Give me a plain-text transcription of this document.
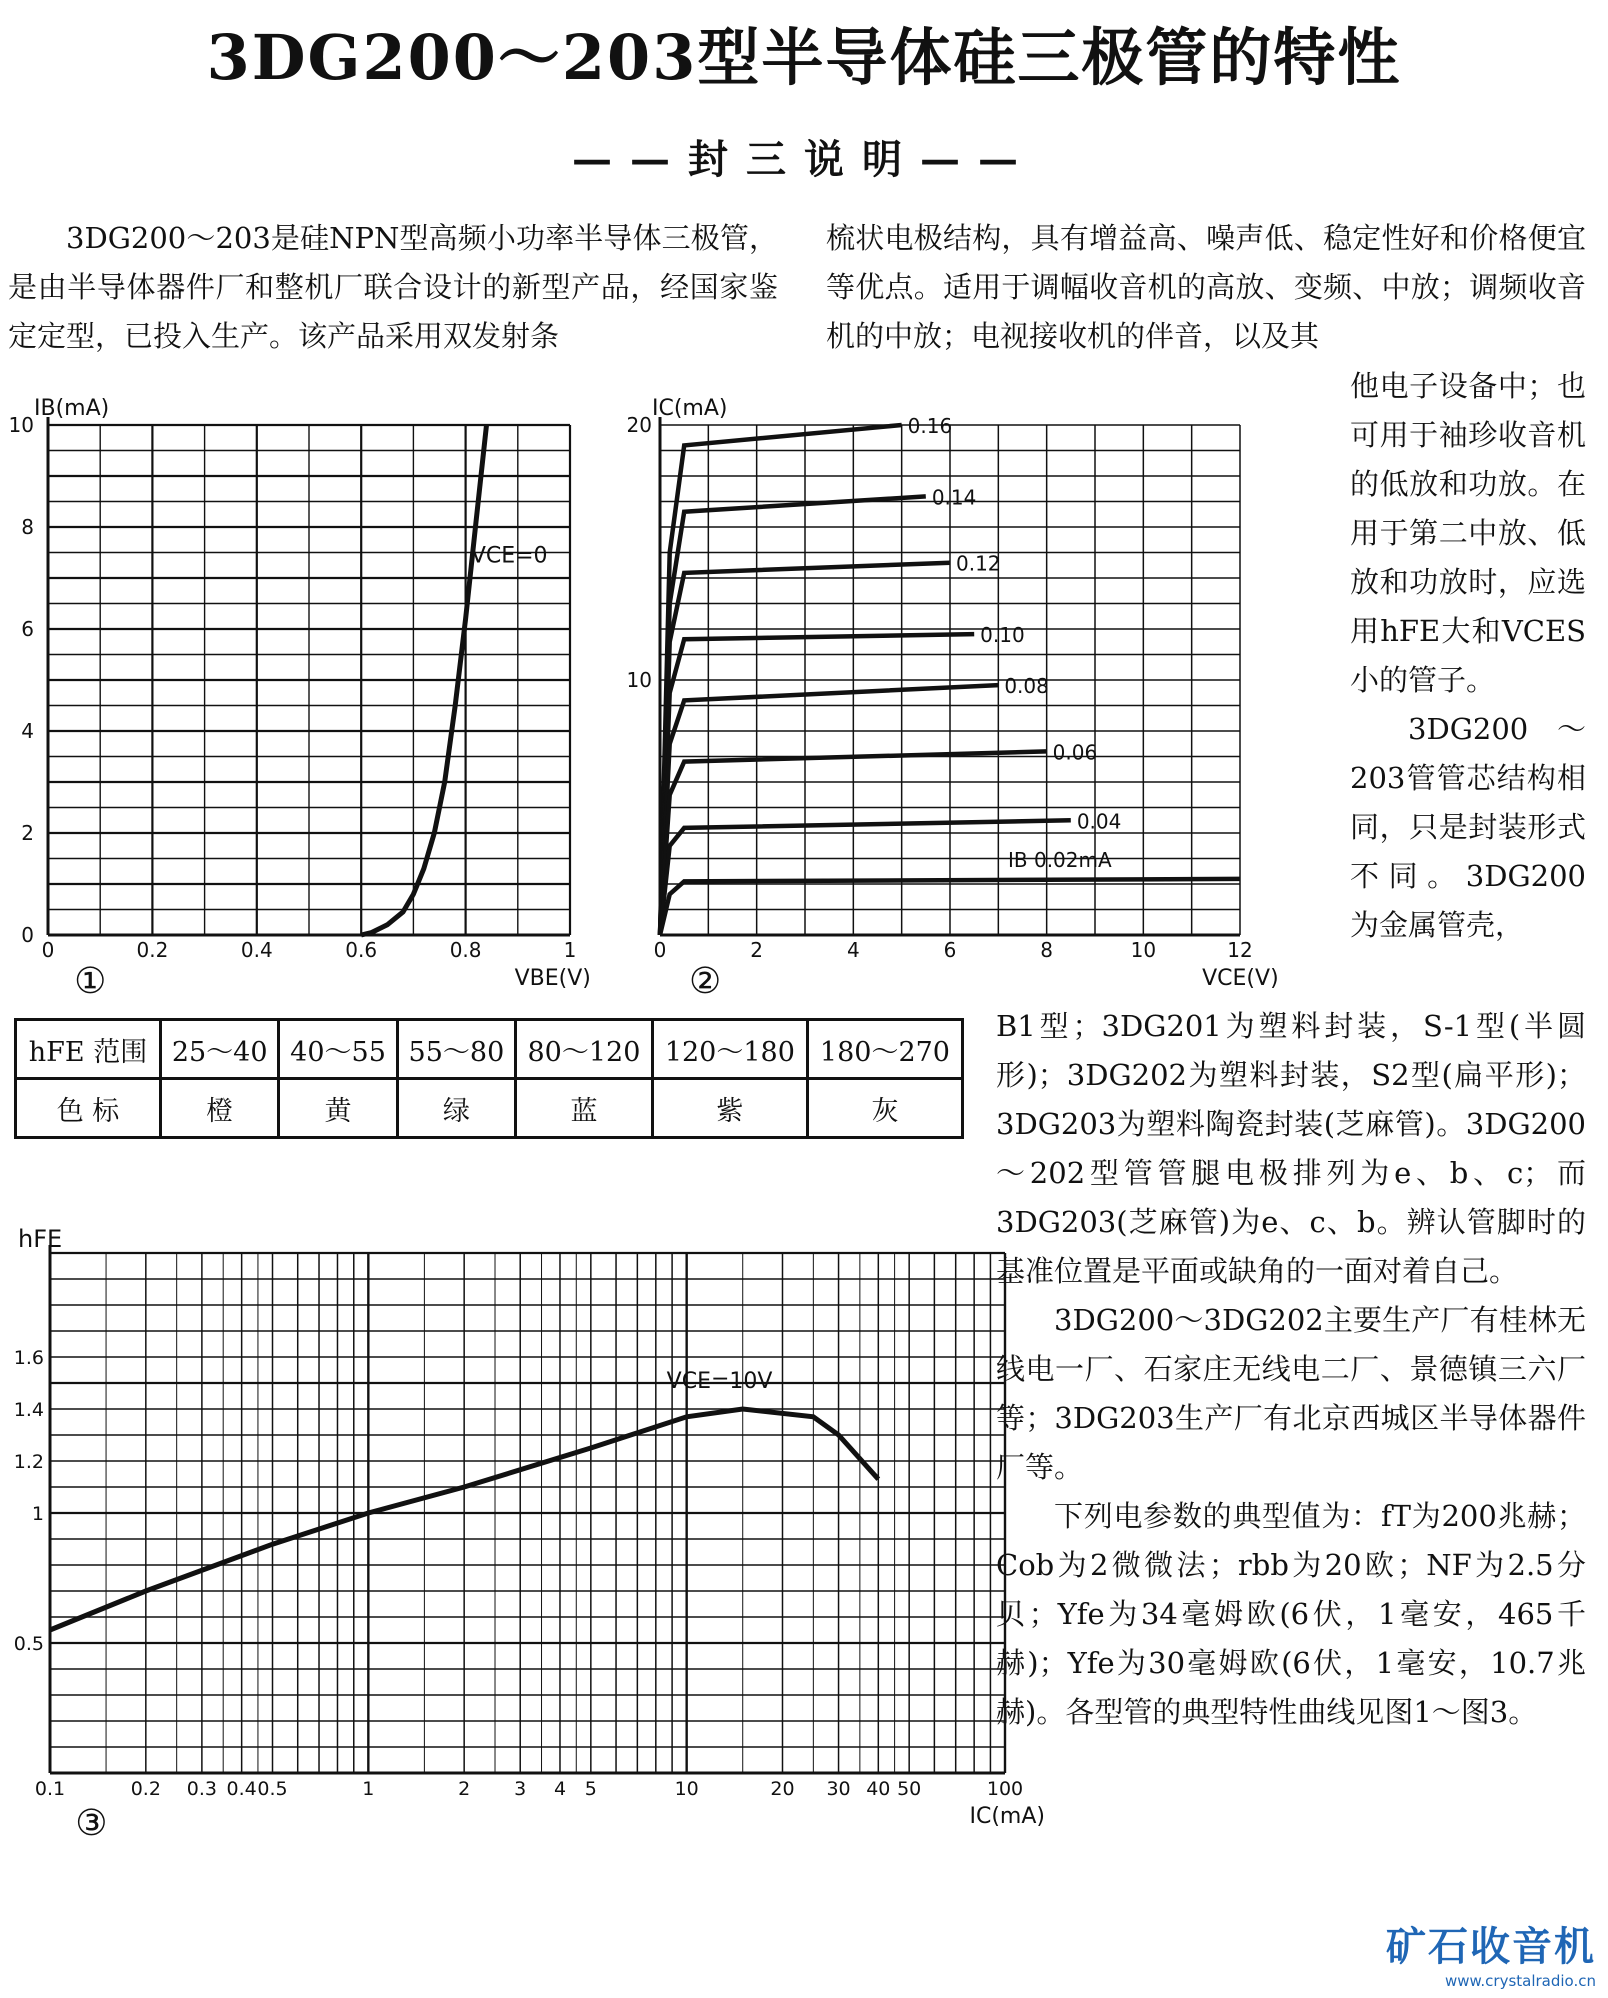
3DG200～203型半导体硅三极管的特性
——封三说明——
3DG200～203是硅NPN型高频小功率半导体三极管，是由半导体器件厂和整机厂联合设计的新型产品，经国家鉴定定型，已投入生产。该产品采用双发射条
梳状电极结构，具有增益高、噪声低、稳定性好和价格便宜等优点。适用于调幅收音机的高放、变频、中放；调频收音机的中放；电视接收机的伴音，以及其

他电子设备中；也可用于袖珍收音机的低放和功放。在用于第二中放、低放和功放时，应选用hFE大和VCES小的管子。

3DG200～203管管芯结构相同，只是封装形式不同。3DG200为金属管壳，

B1型；3DG201为塑料封装，S-1型(半圆形)；3DG202为塑料封装，S2型(扁平形)；3DG203为塑料陶瓷封装(芝麻管)。3DG200～202型管管腿电极排列为e、b、c；而3DG203(芝麻管)为e、c、b。辨认管脚时的基准位置是平面或缺角的一面对着自己。

3DG200～3DG202主要生产厂有桂林无线电一厂、石家庄无线电二厂、景德镇三六厂等；3DG203生产厂有北京西城区半导体器件厂等。

下列电参数的典型值为：fT为200兆赫；Cob为2微微法；rbb为20欧；NF为2.5分贝；Yfe为34毫姆欧(6伏，1毫安，465千赫)；Yfe为30毫姆欧(6伏，1毫安，10.7兆赫)。各型管的典型特性曲线见图1～图3。

hFE 范围	25～40	40～55	55～80	80～120	120～180	180～270
色 标	橙	黄	绿	蓝	紫	灰
0	0.2	0.4	0.6	0.8	1
0
2
4
6
8
10
IB(mA)
VBE(V)
①
VCE=0
0	2	4	6	8	10	12
10
20
IC(mA)
VCE(V)
②
0.16
0.14
0.12
0.10
0.08
0.06
0.04
IB 0.02mA
0.1	0.2 0.3 0.4 0.5	1	2 3 4 5	10	20 30 40 50	100
0.5
1
1.2
1.4
1.6
hFE
IC(mA)
③
VCE=10V
矿石收音机
www.crystalradio.cn
